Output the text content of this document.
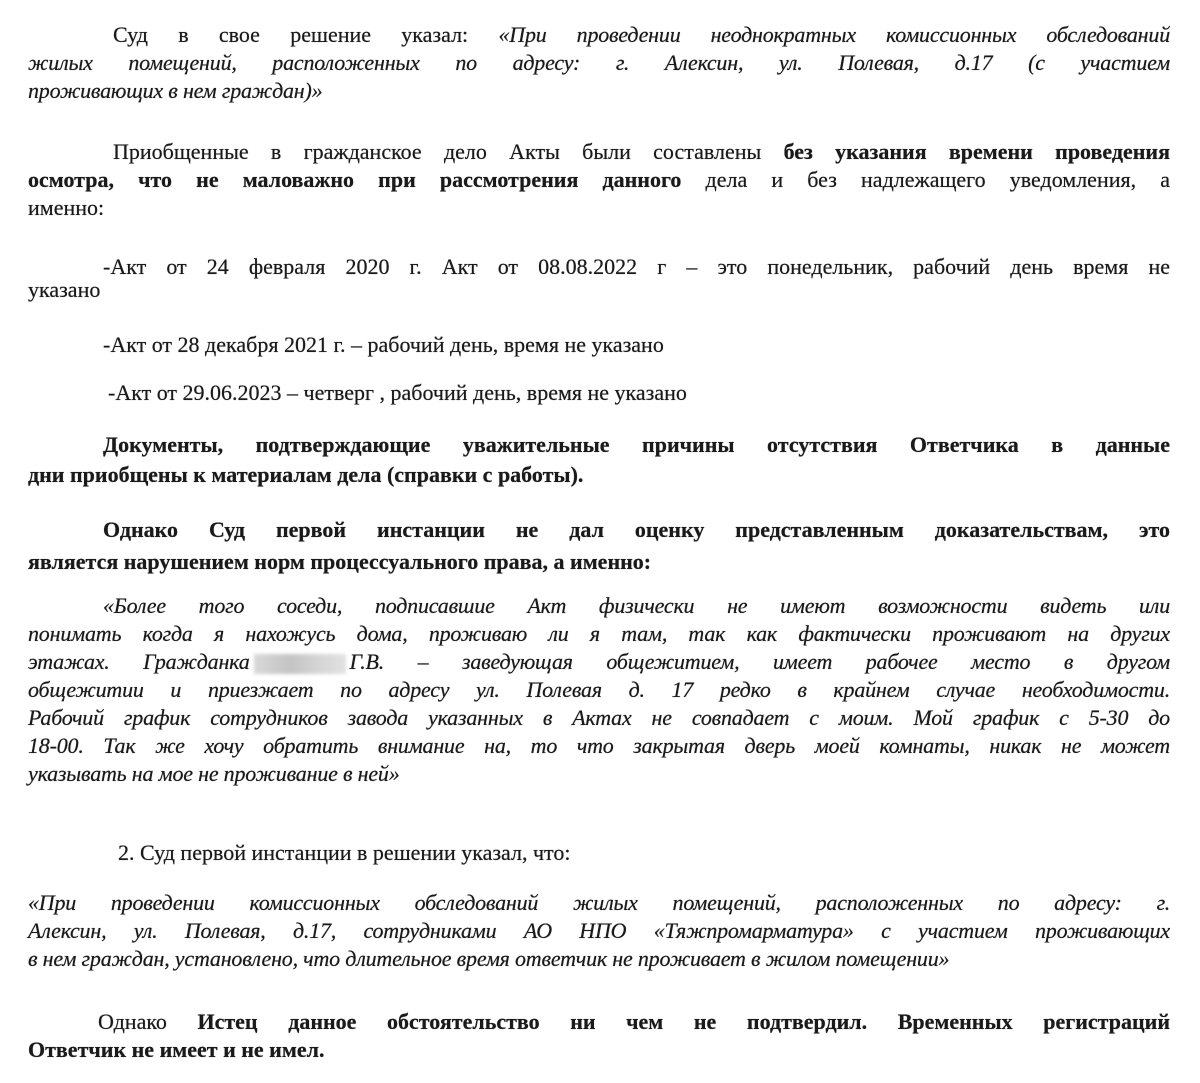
Суд в свое решение указал: «При проведении неоднократных комиссионных обследований
жилых помещений, расположенных по адресу: г. Алексин, ул. Полевая, д.17 (с участием
проживающих в нем граждан)»
Приобщенные в гражданское дело Акты были составлены без указания времени проведения
осмотра, что не маловажно при рассмотрения данного дела и без надлежащего уведомления, а
именно:
-Акт от 24 февраля 2020 г. Акт от 08.08.2022 г – это понедельник, рабочий день время не
указано
-Акт от 28 декабря 2021 г. – рабочий день, время не указано
-Акт от 29.06.2023 – четверг , рабочий день, время не указано
Документы, подтверждающие уважительные причины отсутствия Ответчика в данные
дни приобщены к материалам дела (справки с работы).
Однако Суд первой инстанции не дал оценку представленным доказательствам, это
является нарушением норм процессуального права, а именно:
«Более того соседи, подписавшие Акт физически не имеют возможности видеть или
понимать когда я нахожусь дома, проживаю ли я там, так как фактически проживают на других
этажах. Гражданка	Г.В. – заведующая общежитием, имеет рабочее место в другом
общежитии и приезжает по адресу ул. Полевая д. 17 редко в крайнем случае необходимости.
Рабочий график сотрудников завода указанных в Актах не совпадает с моим. Мой график с 5-30 до
18-00. Так же хочу обратить внимание на, то что закрытая дверь моей комнаты, никак не может
указывать на мое не проживание в ней»
2. Суд первой инстанции в решении указал, что:
«При проведении комиссионных обследований жилых помещений, расположенных по адресу: г.
Алексин, ул. Полевая, д.17, сотрудниками АО НПО «Тяжпромарматура» с участием проживающих
в нем граждан, установлено, что длительное время ответчик не проживает в жилом помещении»
Однако Истец данное обстоятельство ни чем не подтвердил. Временных регистраций
Ответчик не имеет и не имел.
